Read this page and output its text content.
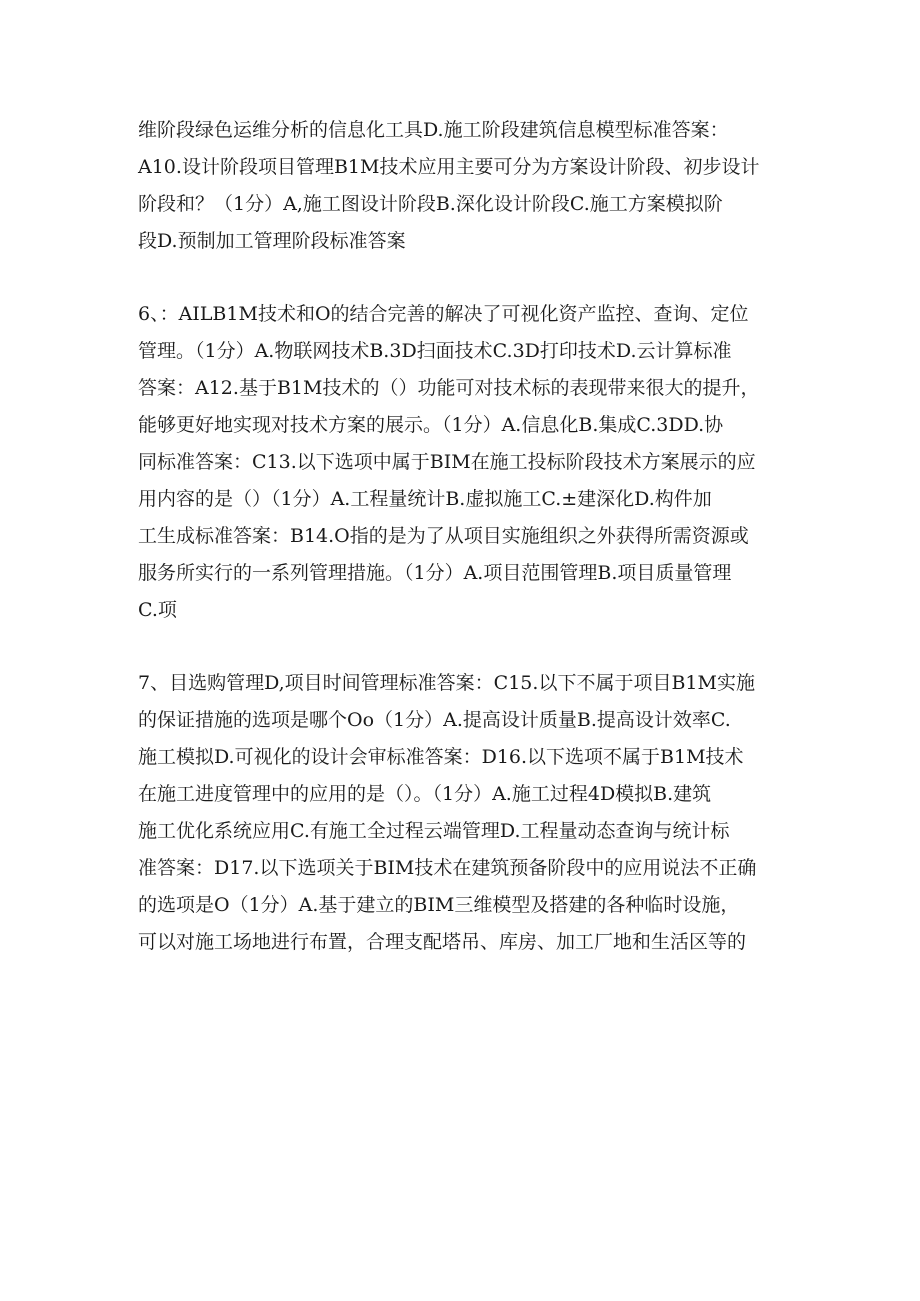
维阶段绿色运维分析的信息化工具D.施工阶段建筑信息模型标准答案：
A10.设计阶段项目管理B1M技术应用主要可分为方案设计阶段、初步设计
阶段和？（1分）A,施工图设计阶段B.深化设计阶段C.施工方案模拟阶
段D.预制加工管理阶段标准答案
6、：AILB1M技术和O的结合完善的解决了可视化资产监控、查询、定位
管理。（1分）A.物联网技术B.3D扫面技术C.3D打印技术D.云计算标准
答案：A12.基于B1M技术的（）功能可对技术标的表现带来很大的提升，
能够更好地实现对技术方案的展示。（1分）A.信息化B.集成C.3DD.协
同标准答案：C13.以下选项中属于BIM在施工投标阶段技术方案展示的应
用内容的是（）（1分）A.工程量统计B.虚拟施工C.±建深化D.构件加
工生成标准答案：B14.O指的是为了从项目实施组织之外获得所需资源或
服务所实行的一系列管理措施。（1分）A.项目范围管理B.项目质量管理
C.项
7、目选购管理D,项目时间管理标准答案：C15.以下不属于项目B1M实施
的保证措施的选项是哪个Oo（1分）A.提高设计质量B.提高设计效率C.
施工模拟D.可视化的设计会审标准答案：D16.以下选项不属于B1M技术
在施工进度管理中的应用的是（）。（1分）A.施工过程4D模拟B.建筑
施工优化系统应用C.有施工全过程云端管理D.工程量动态查询与统计标
准答案：D17.以下选项关于BIM技术在建筑预备阶段中的应用说法不正确
的选项是O（1分）A.基于建立的BIM三维模型及搭建的各种临时设施，
可以对施工场地进行布置，合理支配塔吊、库房、加工厂地和生活区等的
